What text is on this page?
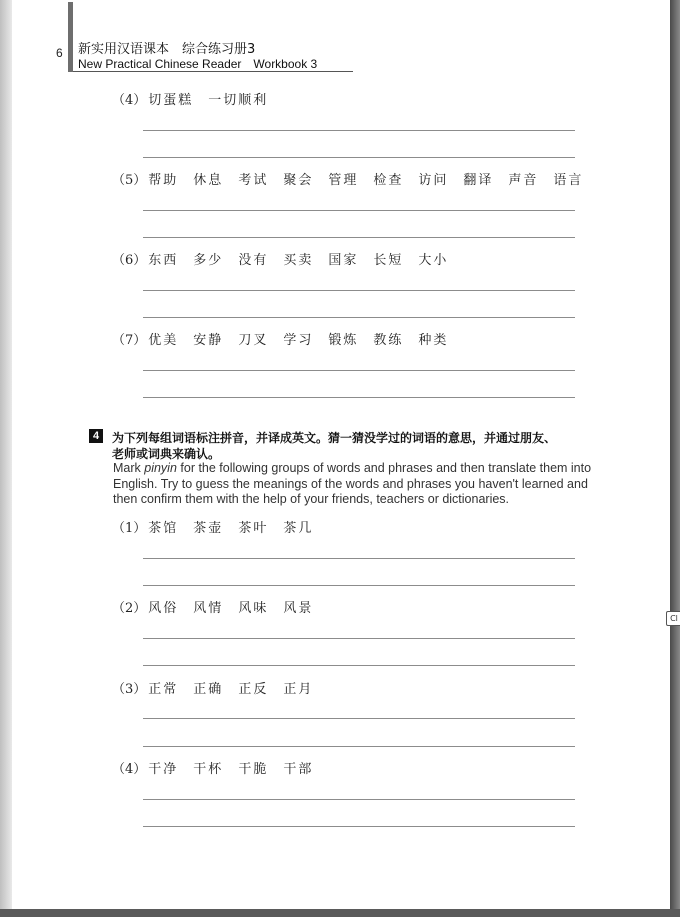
Cl
6 新实用汉语课本　综合练习册3
New Practical Chinese Reader　Workbook 3
（4） 切蛋糕 一切顺利
（5） 帮助 休息 考试 聚会 管理 检查 访问 翻译 声音 语言
（6） 东西 多少 没有 买卖 国家 长短 大小
（7） 优美 安静 刀叉 学习 锻炼 教练 种类
4	为下列每组词语标注拼音，并译成英文。猜一猜没学过的词语的意思，并通过朋友、
老师或词典来确认。
Mark pinyin for the following groups of words and phrases and then translate them into English. Try to guess the meanings of the words and phrases you haven't learned and then confirm them with the help of your friends, teachers or dictionaries.
（1） 茶馆 茶壶 茶叶 茶几
（2） 风俗 风情 风味 风景
（3） 正常 正确 正反 正月
（4） 干净 干杯 干脆 干部
